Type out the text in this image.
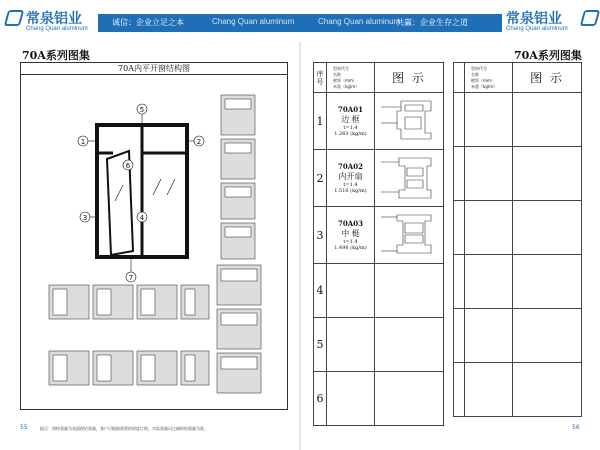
诚信：企业立足之本	Chang Quan aluminum	Chang Quan aluminum
共赢：企业生存之道
常泉铝业
Chang Quan aluminum
常泉铝业
Chang Quan aluminum
70A系列图集
70A内平开窗结构图
1
5
2
6
3	4
7
提示：图样重量为表面理论重量，客户可根据需要的厚度订购，实际重量以过磅时的重量为准。
55
70A系列图集
序号	型材代号
名称
壁厚（mm）
米重（kg/m）	图 示
1	70A01
边 框
t=1.4
1.263 (kg/m)

2	70A02
内开扇
t=1.4
1.516 (kg/m)

3	70A03
中 梃
t=1.4
1.498 (kg/m)

4		
5		
6		

	型材代号
名称
壁厚（mm）
米重（kg/m）	图 示

56
